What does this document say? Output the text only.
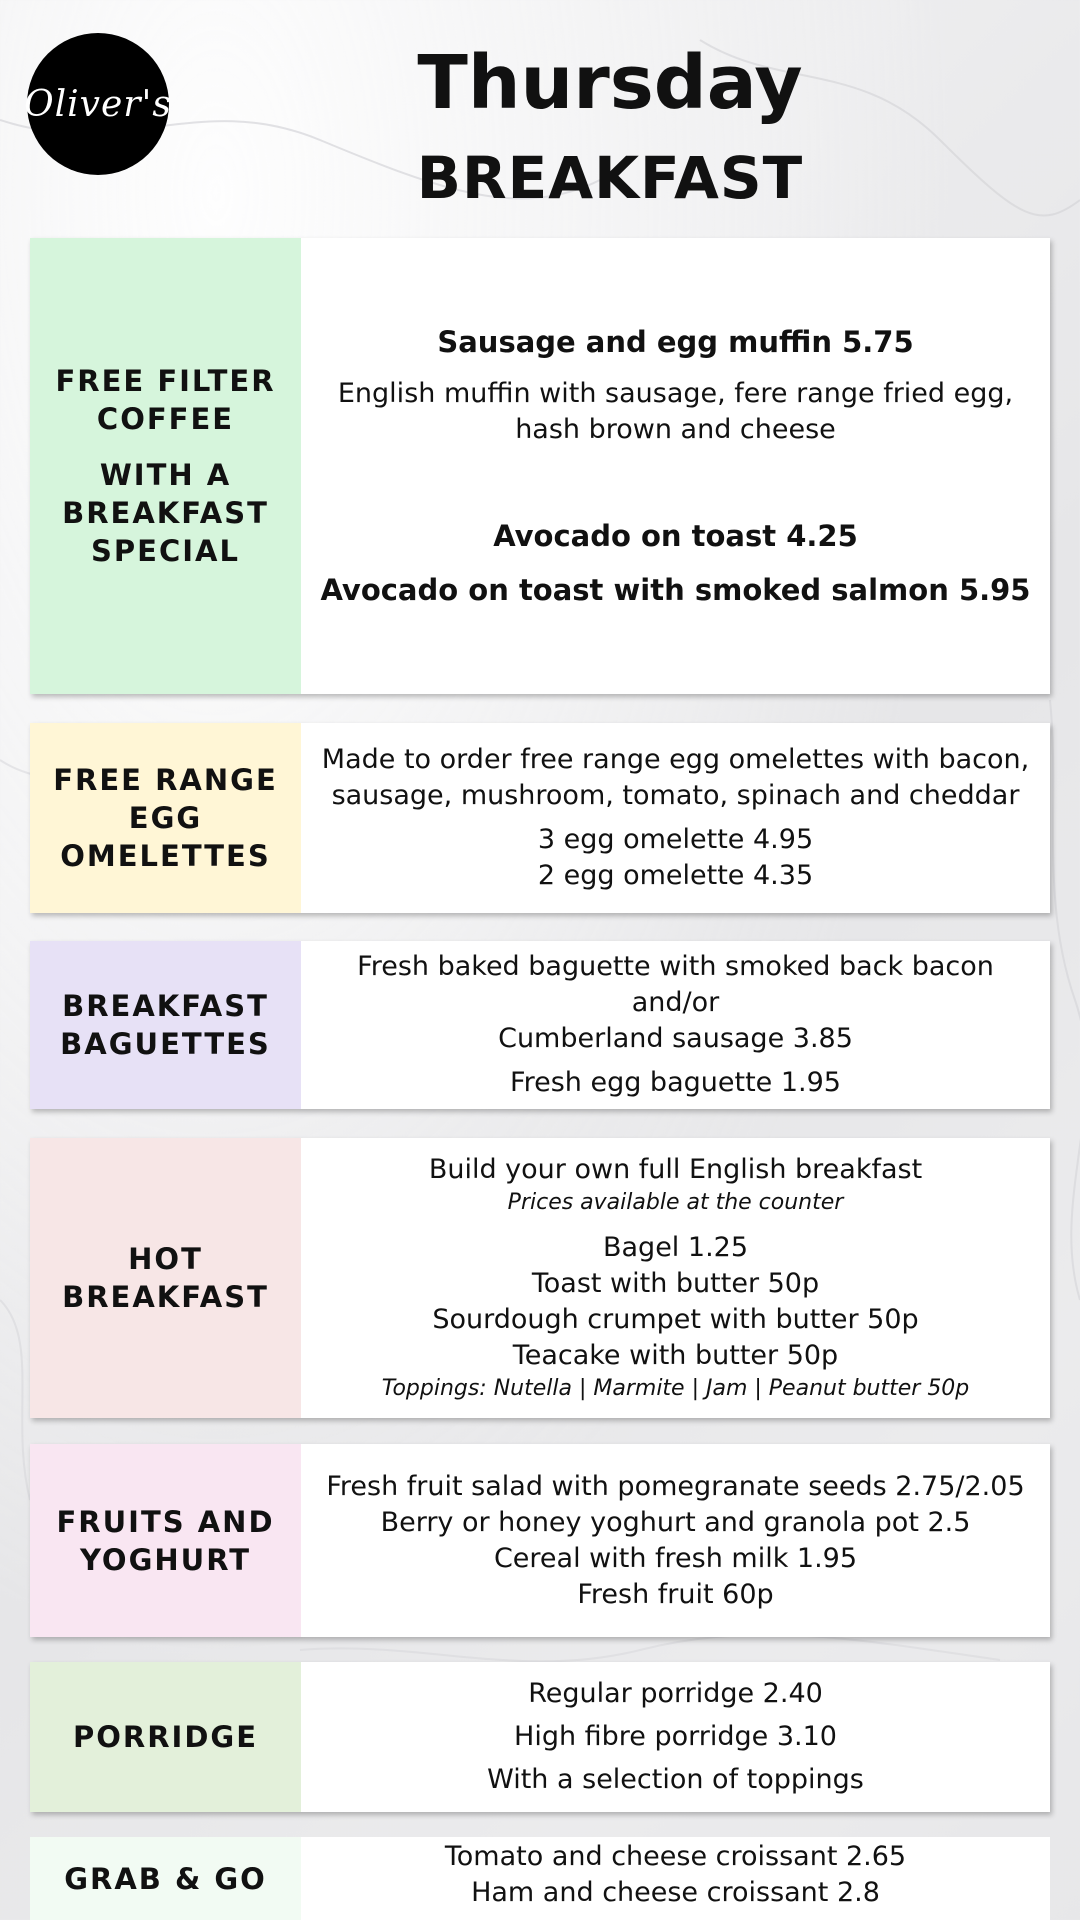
Oliver's	Thursday
BREAKFAST
FREE FILTER
COFFEE
WITH A
BREAKFAST
SPECIAL
Sausage and egg muffin 5.75
English muffin with sausage, fere range fried egg,
hash brown and cheese
Avocado on toast 4.25
Avocado on toast with smoked salmon 5.95
FREE RANGE
EGG
OMELETTES
Made to order free range egg omelettes with bacon,
sausage, mushroom, tomato, spinach and cheddar
3 egg omelette 4.95
2 egg omelette 4.35
BREAKFAST
BAGUETTES
Fresh baked baguette with smoked back bacon and/or
Cumberland sausage 3.85
Fresh egg baguette 1.95
HOT
BREAKFAST
Build your own full English breakfast
Prices available at the counter
Bagel 1.25
Toast with butter 50p
Sourdough crumpet with butter 50p
Teacake with butter 50p
Toppings: Nutella | Marmite | Jam | Peanut butter 50p
FRUITS AND
YOGHURT
Fresh fruit salad with pomegranate seeds 2.75/2.05
Berry or honey yoghurt and granola pot 2.5
Cereal with fresh milk 1.95
Fresh fruit 60p
PORRIDGE
Regular porridge 2.40
High fibre porridge 3.10
With a selection of toppings
GRAB & GO
Tomato and cheese croissant 2.65
Ham and cheese croissant 2.8
